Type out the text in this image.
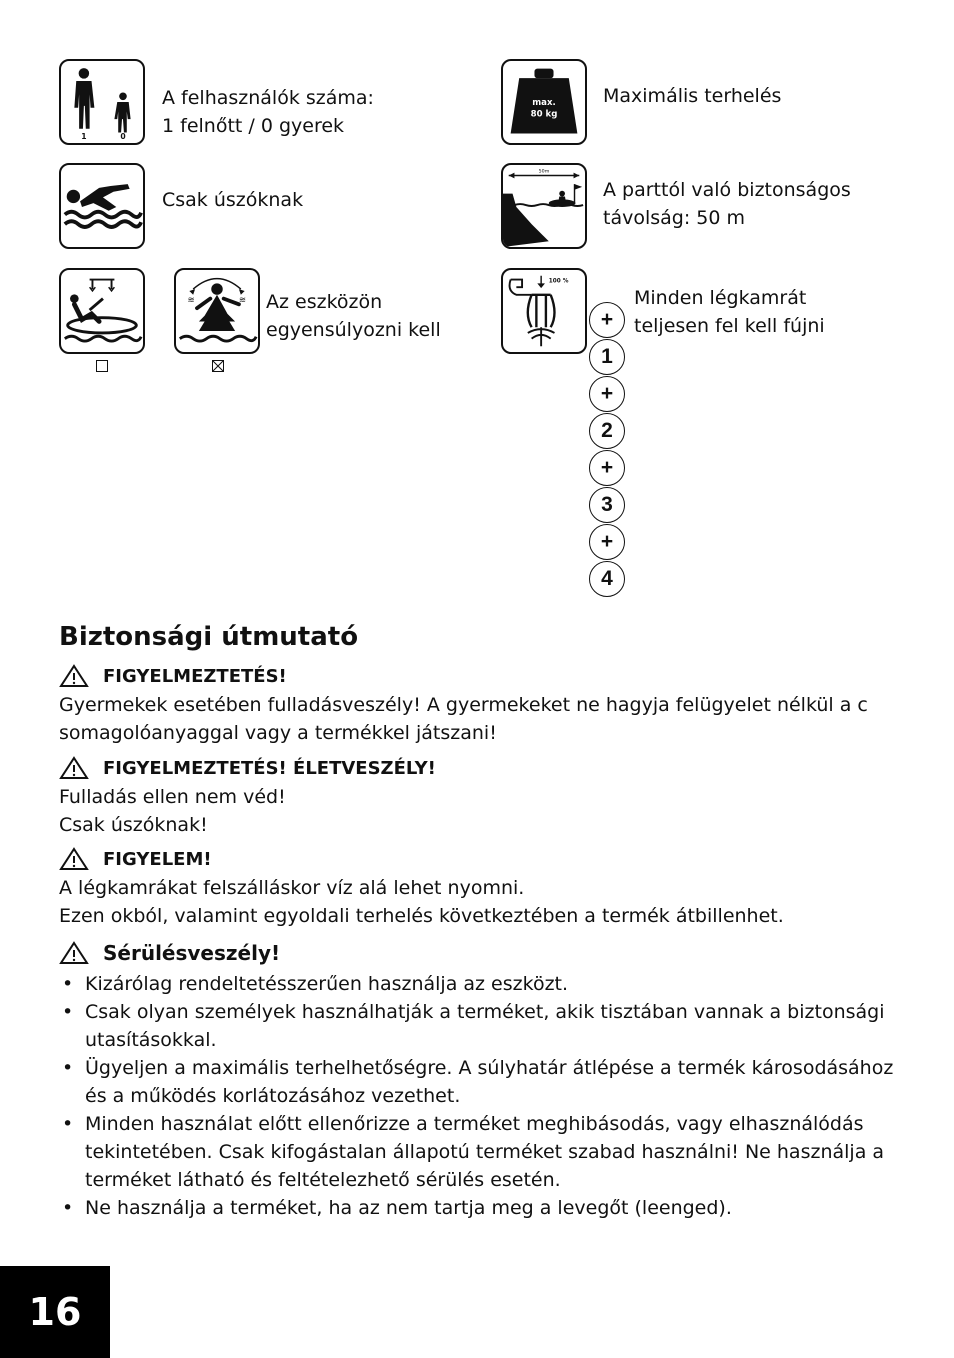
1	0
A felhasználók száma:
1 felnőtt / 0 gyerek
max.
80 kg
Maximális terhelés
Csak úszóknak
50m
A parttól való biztonságos
távolság: 50 m
≋	≋ Az eszközön
egyensúlyozni kell
100 %
Minden légkamrát
teljesen fel kell fújni
+
1
+
2
+
3
+
4
Biztonsági útmutató
FIGYELMEZTETÉS!
Gyermekek esetében fulladásveszély! A gyermekeket ne hagyja felügyelet nélkül a c
somagolóanyaggal vagy a termékkel játszani!
FIGYELMEZTETÉS! ÉLETVESZÉLY!
Fulladás ellen nem véd!
Csak úszóknak!
FIGYELEM!
A légkamrákat felszálláskor víz alá lehet nyomni.
Ezen okból, valamint egyoldali terhelés következtében a termék átbillenhet.
Sérülésveszély!
• Kizárólag rendeltetésszerűen használja az eszközt.
• Csak olyan személyek használhatják a terméket, akik tisztában vannak a biztonsági
utasításokkal.
• Ügyeljen a maximális terhelhetőségre. A súlyhatár átlépése a termék károsodásához
és a működés korlátozásához vezethet.
• Minden használat előtt ellenőrizze a terméket meghibásodás, vagy elhasználódás
tekintetében. Csak kifogástalan állapotú terméket szabad használni! Ne használja a
terméket látható és feltételezhető sérülés esetén.
• Ne használja a terméket, ha az nem tartja meg a levegőt (leenged).
16
